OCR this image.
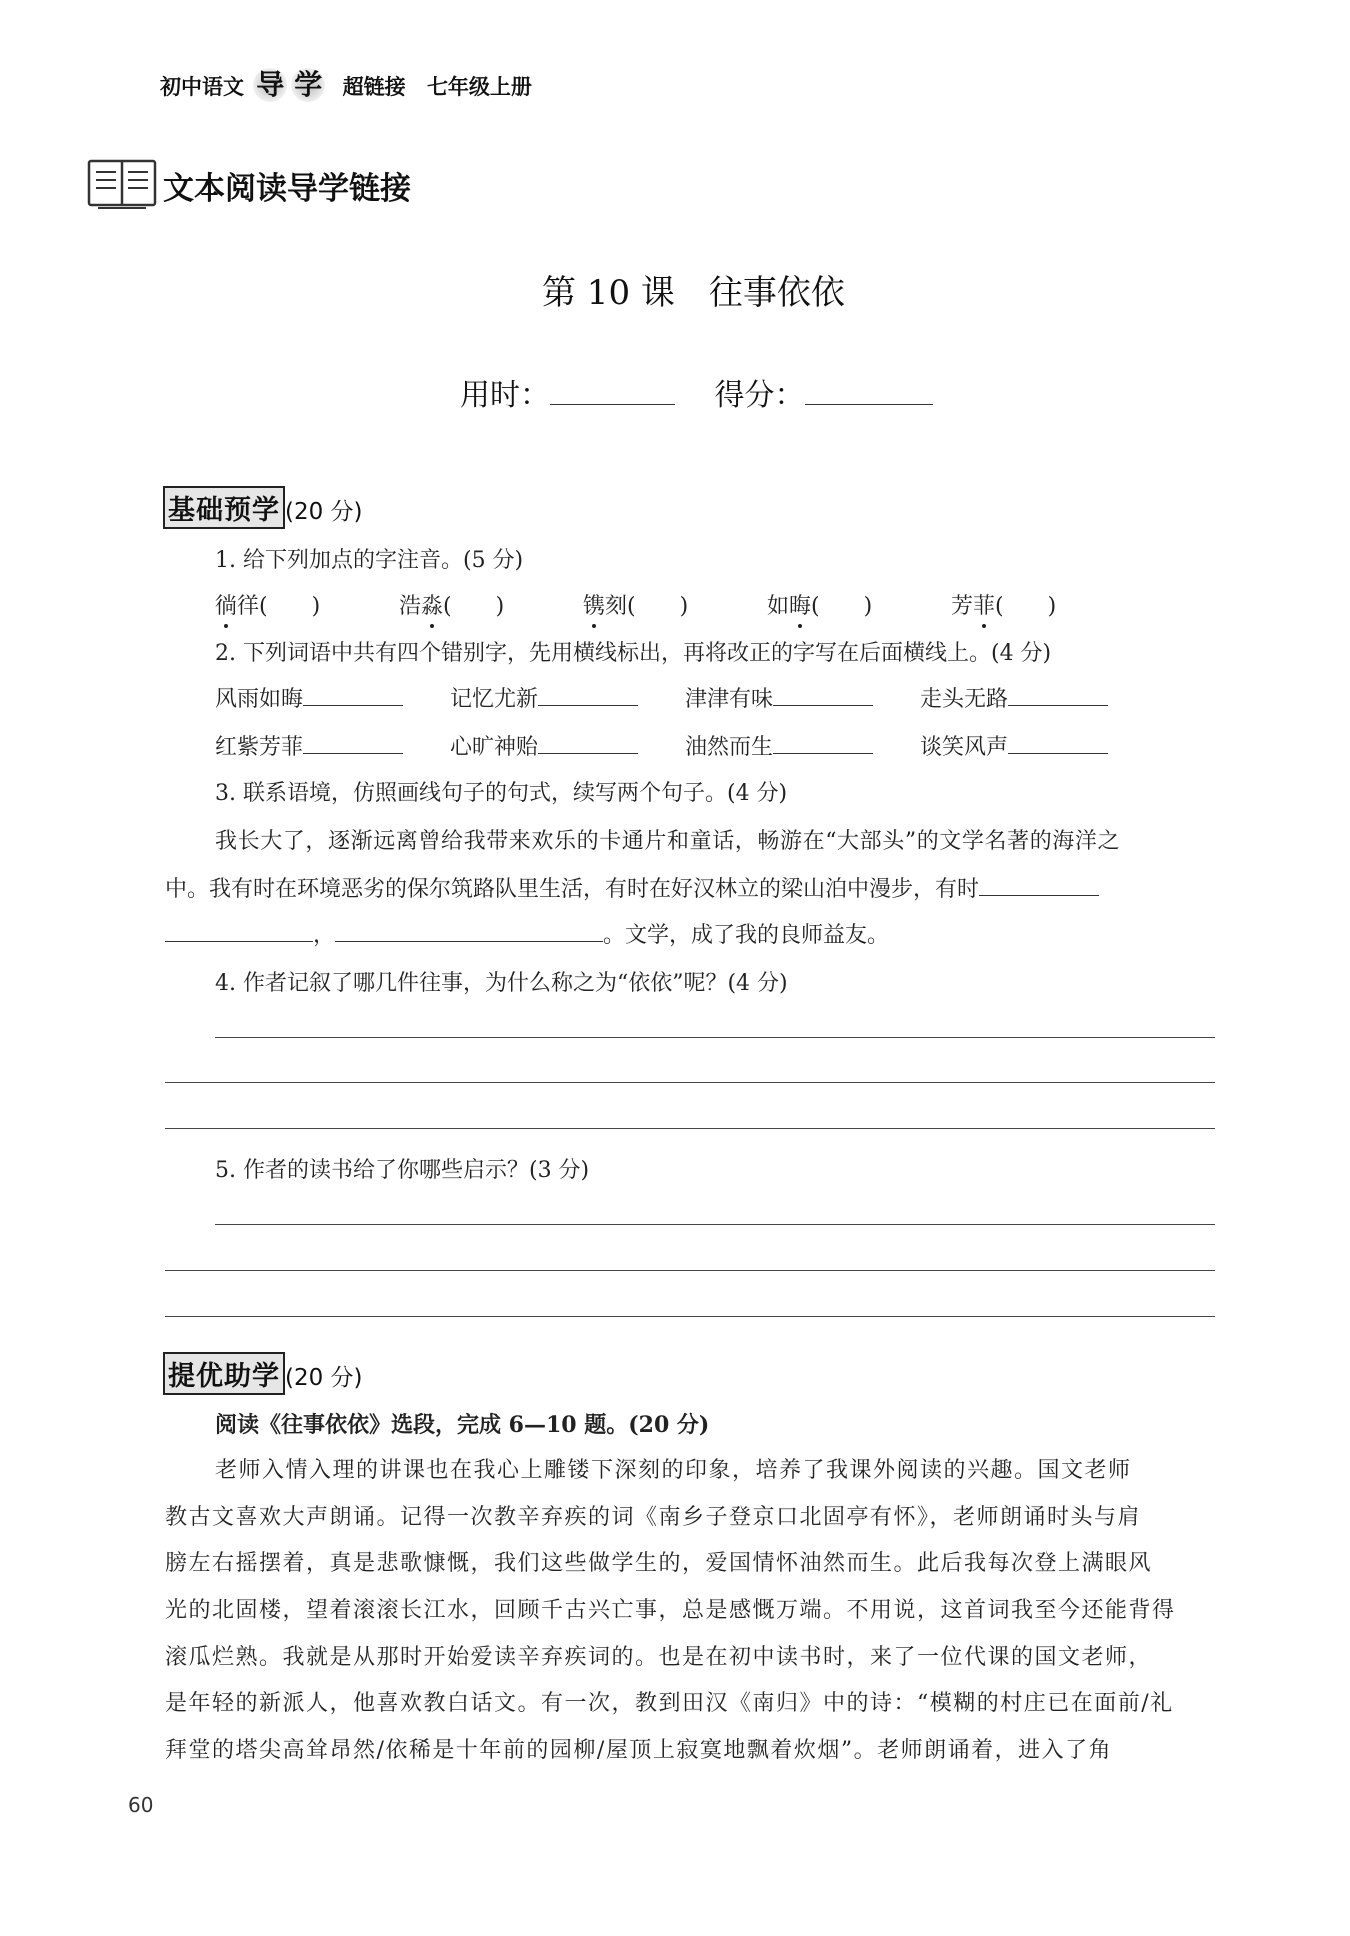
初中语文 导 学 超链接 七年级上册
文本阅读导学链接
第 10 课　往事依依
用时：	得分：
基础预学 (20 分)
1. 给下列加点的字注音。(5 分)
徜徉(　　)	浩淼(　　)	镌刻(　　)	如晦(　　)	芳菲(　　)
2. 下列词语中共有四个错别字，先用横线标出，再将改正的字写在后面横线上。(4 分)
风雨如晦	记忆尤新	津津有味	走头无路
红紫芳菲	心旷神贻	油然而生	谈笑风声
3. 联系语境，仿照画线句子的句式，续写两个句子。(4 分)
我长大了，逐渐远离曾给我带来欢乐的卡通片和童话，畅游在“大部头”的文学名著的海洋之
中。我有时在环境恶劣的保尔筑路队里生活，有时在好汉林立的梁山泊中漫步，有时
，	。文学，成了我的良师益友。
4. 作者记叙了哪几件往事，为什么称之为“依依”呢？(4 分)
5. 作者的读书给了你哪些启示？(3 分)
提优助学 (20 分)
阅读《往事依依》选段，完成 6—10 题。(20 分)
老师入情入理的讲课也在我心上雕镂下深刻的印象，培养了我课外阅读的兴趣。国文老师
教古文喜欢大声朗诵。记得一次教辛弃疾的词《南乡子登京口北固亭有怀》，老师朗诵时头与肩
膀左右摇摆着，真是悲歌慷慨，我们这些做学生的，爱国情怀油然而生。此后我每次登上满眼风
光的北固楼，望着滚滚长江水，回顾千古兴亡事，总是感慨万端。不用说，这首词我至今还能背得
滚瓜烂熟。我就是从那时开始爱读辛弃疾词的。也是在初中读书时，来了一位代课的国文老师，
是年轻的新派人，他喜欢教白话文。有一次，教到田汉《南归》中的诗：“模糊的村庄已在面前/礼
拜堂的塔尖高耸昂然/依稀是十年前的园柳/屋顶上寂寞地飘着炊烟”。老师朗诵着，进入了角
60
